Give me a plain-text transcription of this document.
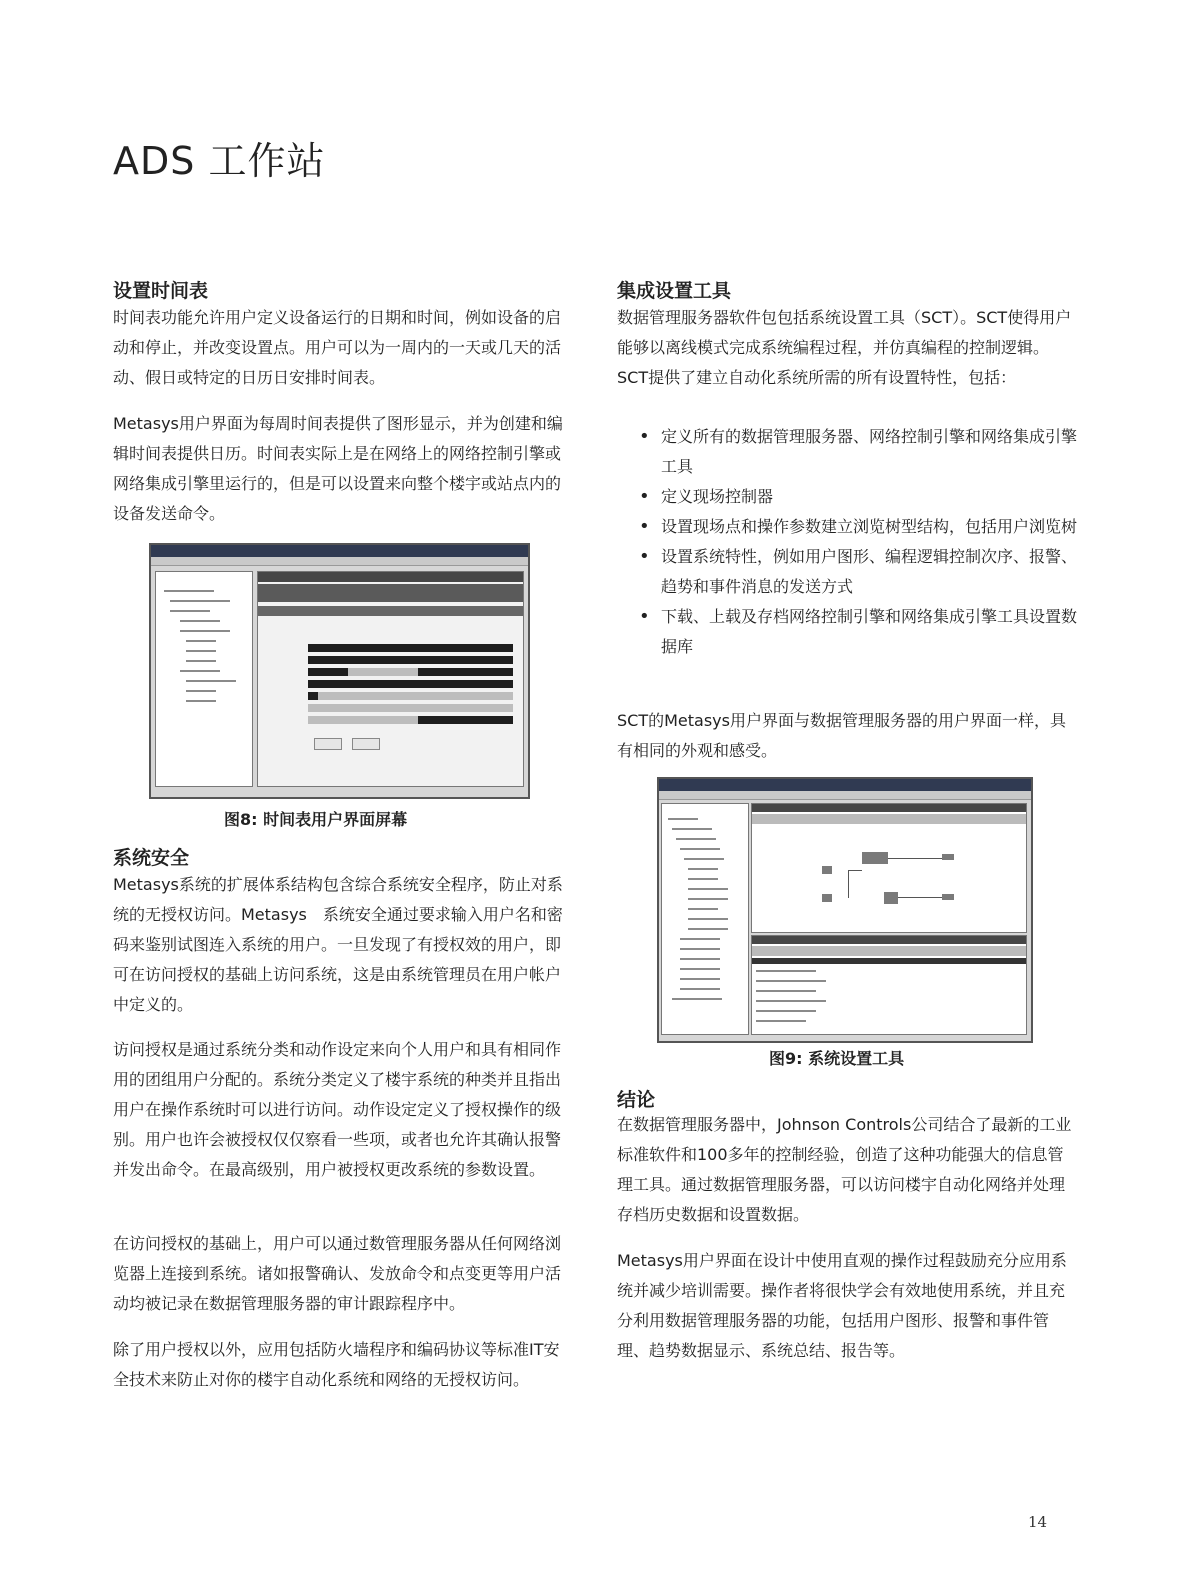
ADS 工作站
设置时间表
时间表功能允许用户定义设备运行的日期和时间，例如设备的启动和停止，并改变设置点。用户可以为一周内的一天或几天的活动、假日或特定的日历日安排时间表。
Metasys用户界面为每周时间表提供了图形显示，并为创建和编辑时间表提供日历。时间表实际上是在网络上的网络控制引擎或网络集成引擎里运行的，但是可以设置来向整个楼宇或站点内的设备发送命令。
图8: 时间表用户界面屏幕
系统安全
Metasys系统的扩展体系结构包含综合系统安全程序，防止对系统的无授权访问。Metasys　系统安全通过要求输入用户名和密码来鉴别试图连入系统的用户。一旦发现了有授权效的用户，即可在访问授权的基础上访问系统，这是由系统管理员在用户帐户中定义的。
访问授权是通过系统分类和动作设定来向个人用户和具有相同作用的团组用户分配的。系统分类定义了楼宇系统的种类并且指出用户在操作系统时可以进行访问。动作设定定义了授权操作的级别。用户也许会被授权仅仅察看一些项，或者也允许其确认报警并发出命令。在最高级别，用户被授权更改系统的参数设置。
在访问授权的基础上，用户可以通过数管理服务器从任何网络浏览器上连接到系统。诸如报警确认、发放命令和点变更等用户活动均被记录在数据管理服务器的审计跟踪程序中。
除了用户授权以外，应用包括防火墙程序和编码协议等标准IT安全技术来防止对你的楼宇自动化系统和网络的无授权访问。
集成设置工具
数据管理服务器软件包包括系统设置工具（SCT）。SCT使得用户能够以离线模式完成系统编程过程，并仿真编程的控制逻辑。SCT提供了建立自动化系统所需的所有设置特性，包括：
• 定义所有的数据管理服务器、网络控制引擎和网络集成引擎工具
• 定义现场控制器
• 设置现场点和操作参数建立浏览树型结构，包括用户浏览树
• 设置系统特性，例如用户图形、编程逻辑控制次序、报警、趋势和事件消息的发送方式
• 下载、上载及存档网络控制引擎和网络集成引擎工具设置数据库
SCT的Metasys用户界面与数据管理服务器的用户界面一样，具有相同的外观和感受。
图9: 系统设置工具
结论
在数据管理服务器中，Johnson Controls公司结合了最新的工业标准软件和100多年的控制经验，创造了这种功能强大的信息管理工具。通过数据管理服务器，可以访问楼宇自动化网络并处理存档历史数据和设置数据。
Metasys用户界面在设计中使用直观的操作过程鼓励充分应用系统并减少培训需要。操作者将很快学会有效地使用系统，并且充分利用数据管理服务器的功能，包括用户图形、报警和事件管理、趋势数据显示、系统总结、报告等。
14
